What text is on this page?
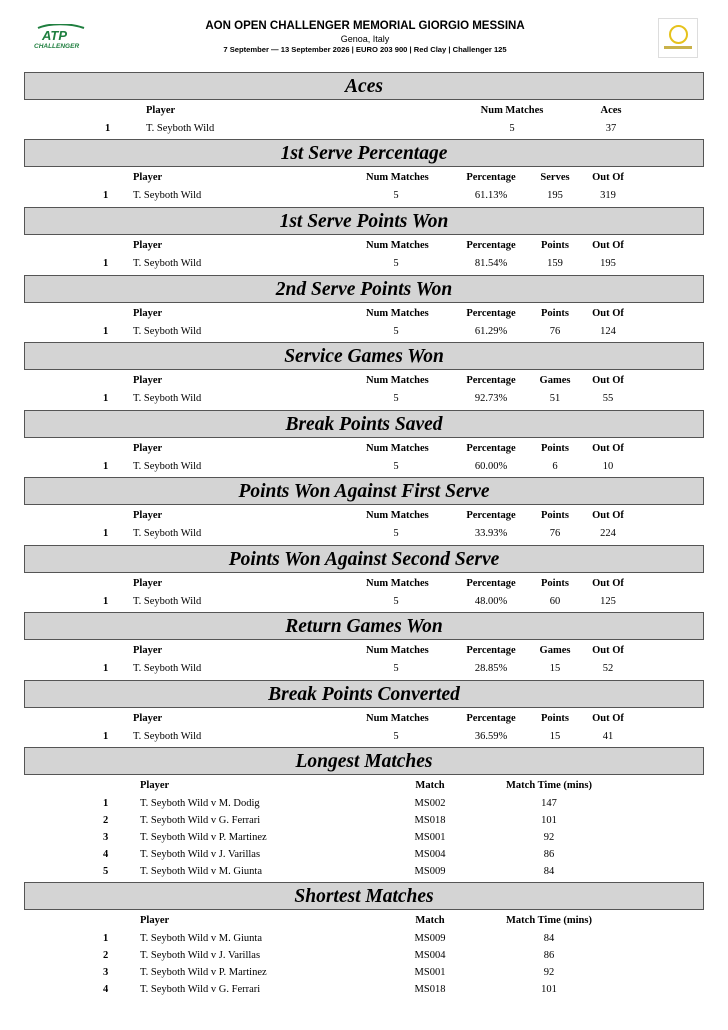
ATP
CHALLENGER
AON OPEN CHALLENGER MEMORIAL GIORGIO MESSINA
Genoa, Italy
7 September — 13 September 2026 | EURO 203 900 | Red Clay | Challenger 125
Aces
Player	Num Matches	Aces
1	T. Seyboth Wild	5	37
1st Serve Percentage
Player	Num Matches	Percentage	Serves	Out Of
1 T. Seyboth Wild	5	61.13%	195	319
1st Serve Points Won
Player	Num Matches	Percentage	Points	Out Of
1 T. Seyboth Wild	5	81.54%	159	195
2nd Serve Points Won
Player	Num Matches	Percentage	Points	Out Of
1 T. Seyboth Wild	5	61.29%	76	124
Service Games Won
Player	Num Matches	Percentage	Games	Out Of
1 T. Seyboth Wild	5	92.73%	51	55
Break Points Saved
Player	Num Matches	Percentage	Points	Out Of
1 T. Seyboth Wild	5	60.00%	6	10
Points Won Against First Serve
Player	Num Matches	Percentage	Points	Out Of
1 T. Seyboth Wild	5	33.93%	76	224
Points Won Against Second Serve
Player	Num Matches	Percentage	Points	Out Of
1 T. Seyboth Wild	5	48.00%	60	125
Return Games Won
Player	Num Matches	Percentage	Games	Out Of
1 T. Seyboth Wild	5	28.85%	15	52
Break Points Converted
Player	Num Matches	Percentage	Points	Out Of
1 T. Seyboth Wild	5	36.59%	15	41
Longest Matches
Player	Match	Match Time (mins)
1	T. Seyboth Wild v M. Dodig	MS002	147
2	T. Seyboth Wild v G. Ferrari	MS018	101
3	T. Seyboth Wild v P. Martinez	MS001	92
4	T. Seyboth Wild v J. Varillas	MS004	86
5	T. Seyboth Wild v M. Giunta	MS009	84
Shortest Matches
Player	Match	Match Time (mins)
1	T. Seyboth Wild v M. Giunta	MS009	84
2	T. Seyboth Wild v J. Varillas	MS004	86
3	T. Seyboth Wild v P. Martinez	MS001	92
4	T. Seyboth Wild v G. Ferrari	MS018	101
